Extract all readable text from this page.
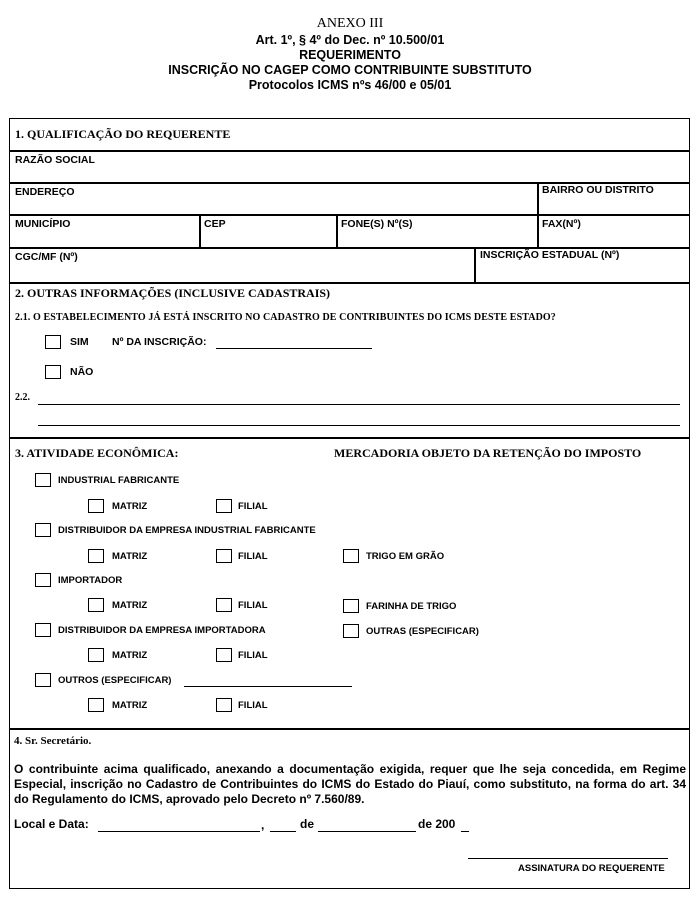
ANEXO III
Art. 1º, § 4º do Dec. nº 10.500/01
REQUERIMENTO
INSCRIÇÃO NO CAGEP COMO CONTRIBUINTE SUBSTITUTO
Protocolos ICMS nºs 46/00 e 05/01
1. QUALIFICAÇÃO DO REQUERENTE
RAZÃO SOCIAL
ENDEREÇO	BAIRRO OU DISTRITO
MUNICÍPIO	CEP	FONE(S) Nº(S)	FAX(Nº)
CGC/MF (Nº)	INSCRIÇÃO ESTADUAL (Nº)
2. OUTRAS INFORMAÇÕES (INCLUSIVE CADASTRAIS)
2.1. O ESTABELECIMENTO JÁ ESTÁ INSCRITO NO CADASTRO DE CONTRIBUINTES DO ICMS DESTE ESTADO?
SIM Nº DA INSCRIÇÃO:
NÃO
2.2.
3. ATIVIDADE ECONÔMICA:	MERCADORIA OBJETO DA RETENÇÃO DO IMPOSTO
INDUSTRIAL FABRICANTE
MATRIZ	FILIAL
DISTRIBUIDOR DA EMPRESA INDUSTRIAL FABRICANTE
MATRIZ	FILIAL	TRIGO EM GRÃO
IMPORTADOR
MATRIZ	FILIAL	FARINHA DE TRIGO
DISTRIBUIDOR DA EMPRESA IMPORTADORA	OUTRAS (ESPECIFICAR)
MATRIZ	FILIAL
OUTROS (ESPECIFICAR)
MATRIZ	FILIAL
4. Sr. Secretário.
O contribuinte acima qualificado, anexando a documentação exigida, requer que lhe seja concedida, em Regime Especial, inscrição no Cadastro de Contribuintes do ICMS do Estado do Piauí, como substituto, na forma do art. 34 do Regulamento do ICMS, aprovado pelo Decreto nº 7.560/89.
Local e Data:	,	de	de 200
ASSINATURA DO REQUERENTE
